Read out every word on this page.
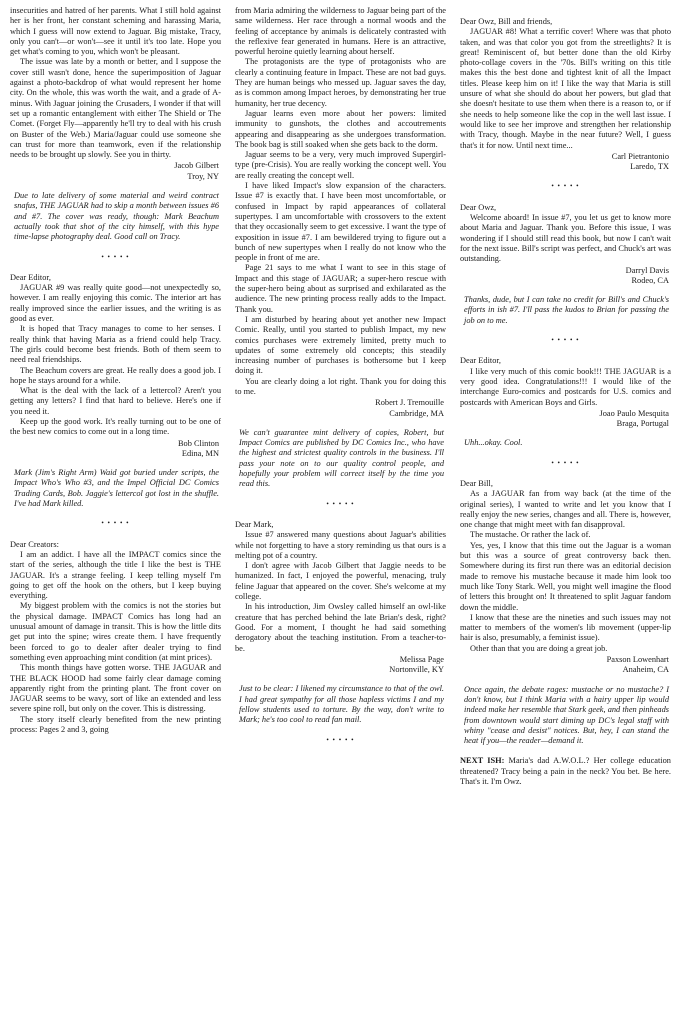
insecurities and hatred of her parents. What I still hold against her is her front, her constant scheming and harassing Maria, which I guess will now extend to Jaguar. Big mistake, Tracy, only you can't—or won't—see it until it's too late. Hope you get what's coming to you, which won't be pleasant.

The issue was late by a month or better, and I suppose the cover still wasn't done, hence the superimposition of Jaguar against a photo-backdrop of what would represent her home city. On the whole, this was worth the wait, and a grade of A-minus. With Jaguar joining the Crusaders, I wonder if that will set up a romantic entanglement with either The Shield or The Comet. (Forget Fly—apparently he'll try to deal with his crush on Buster of the Web.) Maria/Jaguar could use someone she can trust for more than teamwork, even if the relationship needs to be brought up slowly. See you in thirty.

Jacob Gilbert
Troy, NY

Due to late delivery of some material and weird contract snafus, THE JAGUAR had to skip a month between issues #6 and #7. The cover was ready, though: Mark Beachum actually took that shot of the city himself, with this hype time-lapse photography deal. Good call on Tracy.

• • • • •

Dear Editor,

JAGUAR #9 was really quite good—not unexpectedly so, however. I am really enjoying this comic. The interior art has really improved since the earlier issues, and the writing is as good as ever.

It is hoped that Tracy manages to come to her senses. I really think that having Maria as a friend could help Tracy. The girls could become best friends. Both of them seem to need real friendships.

The Beachum covers are great. He really does a good job. I hope he stays around for a while.

What is the deal with the lack of a lettercol? Aren't you getting any letters? I find that hard to believe. Here's one if you need it.

Keep up the good work. It's really turning out to be one of the best new comics to come out in a long time.

Bob Clinton
Edina, MN

Mark (Jim's Right Arm) Waid got buried under scripts, the Impact Who's Who #3, and the Impel Official DC Comics Trading Cards, Bob. Jaggie's lettercol got lost in the shuffle. I've had Mark killed.

• • • • •

Dear Creators:

I am an addict. I have all the IMPACT comics since the start of the series, although the title I like the best is THE JAGUAR. It's a strange feeling. I keep telling myself I'm going to get off the hook on the others, but I keep buying everything.

My biggest problem with the comics is not the stories but the physical damage. IMPACT Comics has long had an unusual amount of damage in transit. This is how the little dits get put into the spine; wires create them. I have frequently been forced to go to dealer after dealer trying to find something even approaching mint condition (at mint prices).

This month things have gotten worse. THE JAGUAR and THE BLACK HOOD had some fairly clear damage coming apparently right from the printing plant. The front cover on JAGUAR seems to be wavy, sort of like an extended and less severe spine roll, but only on the cover. This is distressing.

The story itself clearly benefited from the new printing process: Pages 2 and 3, going

from Maria admiring the wilderness to Jaguar being part of the same wilderness. Her race through a normal woods and the feeling of acceptance by animals is delicately contrasted with the reflexive fear generated in humans. Here is an attractive, powerful heroine quietly learning about herself.

The protagonists are the type of protagonists who are clearly a continuing feature in Impact. These are not bad guys. They are human beings who messed up. Jaguar saves the day, as is common among Impact heroes, by demonstrating her true humanity, her true decency.

Jaguar learns even more about her powers: limited immunity to gunshots, the clothes and accoutrements appearing and disappearing as she undergoes transformation. The book bag is still soaked when she gets back to the dorm.

Jaguar seems to be a very, very much improved Supergirl-type (pre-Crisis). You are really working the concept well. You are really creating the concept well.

I have liked Impact's slow expansion of the characters. Issue #7 is exactly that. I have been most uncomfortable, or confused in Impact by rapid appearances of collateral supertypes. I am uncomfortable with crossovers to the extent that they occasionally seem to get excessive. I want the type of exposition in issue #7. I am bewildered trying to figure out a bunch of new supertypes when I really do not know who the people in front of me are.

Page 21 says to me what I want to see in this stage of Impact and this stage of JAGUAR; a super-hero rescue with the super-hero being about as surprised and exhilarated as the audience. The new printing process really adds to the Impact. Thank you.

I am disturbed by hearing about yet another new Impact Comic. Really, until you started to publish Impact, my new comics purchases were extremely limited, pretty much to updates of some extremely old concepts; this steadily increasing number of purchases is bothersome but I keep doing it.

You are clearly doing a lot right. Thank you for doing this to me.

Robert J. Tremouille
Cambridge, MA

We can't guarantee mint delivery of copies, Robert, but Impact Comics are published by DC Comics Inc., who have the highest and strictest quality controls in the business. I'll pass your note on to our quality control people, and hopefully your problem will correct itself by the time you read this.

• • • • •

Dear Mark,

Issue #7 answered many questions about Jaguar's abilities while not forgetting to have a story reminding us that ours is a melting pot of a country.

I don't agree with Jacob Gilbert that Jaggie needs to be humanized. In fact, I enjoyed the powerful, menacing, truly feline Jaguar that appeared on the cover. She's welcome at my college.

In his introduction, Jim Owsley called himself an owl-like creature that has perched behind the late Brian's desk, right? Good. For a moment, I thought he had said something derogatory about the teaching institution. From a teacher-to-be.

Melissa Page
Nortonville, KY

Just to be clear: I likened my circumstance to that of the owl. I had great sympathy for all those hapless victims I and my fellow students used to torture. By the way, don't write to Mark; he's too cool to read fan mail.

• • • • •

Dear Owz, Bill and friends,

JAGUAR #8! What a terrific cover! Where was that photo taken, and was that color you got from the streetlights? It is great! Reminiscent of, but better done than the old Kirby photo-collage covers in the '70s. Bill's writing on this title makes this the best done and tightest knit of all the Impact titles. Please keep him on it! I like the way that Maria is still unsure of what she should do about her powers, but glad that she doesn't hesitate to use them when there is a reason to, or if she needs to help someone like the cop in the well last issue. I would like to see her improve and strengthen her relationship with Tracy, though. Maybe in the near future? Well, I guess that's it for now. Until next time...

Carl Pietrantonio
Laredo, TX
• • • • •

Dear Owz,

Welcome aboard! In issue #7, you let us get to know more about Maria and Jaguar. Thank you. Before this issue, I was wondering if I should still read this book, but now I can't wait for the next issue. Bill's script was perfect, and Chuck's art was outstanding.

Darryl Davis
Rodeo, CA

Thanks, dude, but I can take no credit for Bill's and Chuck's efforts in ish #7. I'll pass the kudos to Brian for passing the job on to me.

• • • • •

Dear Editor,

I like very much of this comic book!!! THE JAGUAR is a very good idea. Congratulations!!! I would like of the interchange Euro-comics and postcards for U.S. comics and postcards with American Boys and Girls.

Joao Paulo Mesquita
Braga, Portugal

Uhh...okay. Cool.

• • • • •

Dear Bill,

As a JAGUAR fan from way back (at the time of the original series), I wanted to write and let you know that I really enjoy the new series, changes and all. There is, however, one change that might meet with fan disapproval.

The mustache. Or rather the lack of.

Yes, yes, I know that this time out the Jaguar is a woman but this was a source of great controversy back then. Somewhere during its first run there was an editorial decision made to remove his mustache because it made him look too much like Tony Stark. Well, you might well imagine the flood of letters this brought on! It threatened to split Jaguar fandom down the middle.

I know that these are the nineties and such issues may not matter to members of the women's lib movement (upper-lip hair is also, presumably, a feminist issue).

Other than that you are doing a great job.

Paxson Lowenhart
Anaheim, CA

Once again, the debate rages: mustache or no mustache? I don't know, but I think Maria with a hairy upper lip would indeed make her resemble that Stark geek, and then pinheads from downtown would start diming up DC's legal staff with whiny "cease and desist" notices. But, hey, I can stand the heat if you—the reader—demand it.

NEXT ISH: Maria's dad A.W.O.L.? Her college education threatened? Tracy being a pain in the neck? You bet. Be here. That's it. I'm Owz.
